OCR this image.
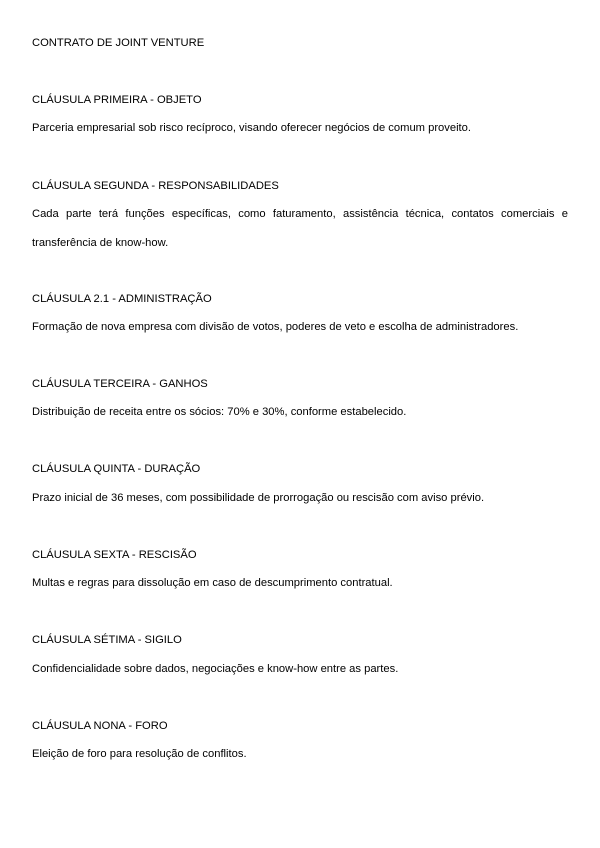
CONTRATO DE JOINT VENTURE
CLÁUSULA PRIMEIRA - OBJETO
Parceria empresarial sob risco recíproco, visando oferecer negócios de comum proveito.
CLÁUSULA SEGUNDA - RESPONSABILIDADES
Cada parte terá funções específicas, como faturamento, assistência técnica, contatos comerciais e transferência de know-how.
CLÁUSULA 2.1 - ADMINISTRAÇÃO
Formação de nova empresa com divisão de votos, poderes de veto e escolha de administradores.
CLÁUSULA TERCEIRA - GANHOS
Distribuição de receita entre os sócios: 70% e 30%, conforme estabelecido.
CLÁUSULA QUINTA - DURAÇÃO
Prazo inicial de 36 meses, com possibilidade de prorrogação ou rescisão com aviso prévio.
CLÁUSULA SEXTA - RESCISÃO
Multas e regras para dissolução em caso de descumprimento contratual.
CLÁUSULA SÉTIMA - SIGILO
Confidencialidade sobre dados, negociações e know-how entre as partes.
CLÁUSULA NONA - FORO
Eleição de foro para resolução de conflitos.
